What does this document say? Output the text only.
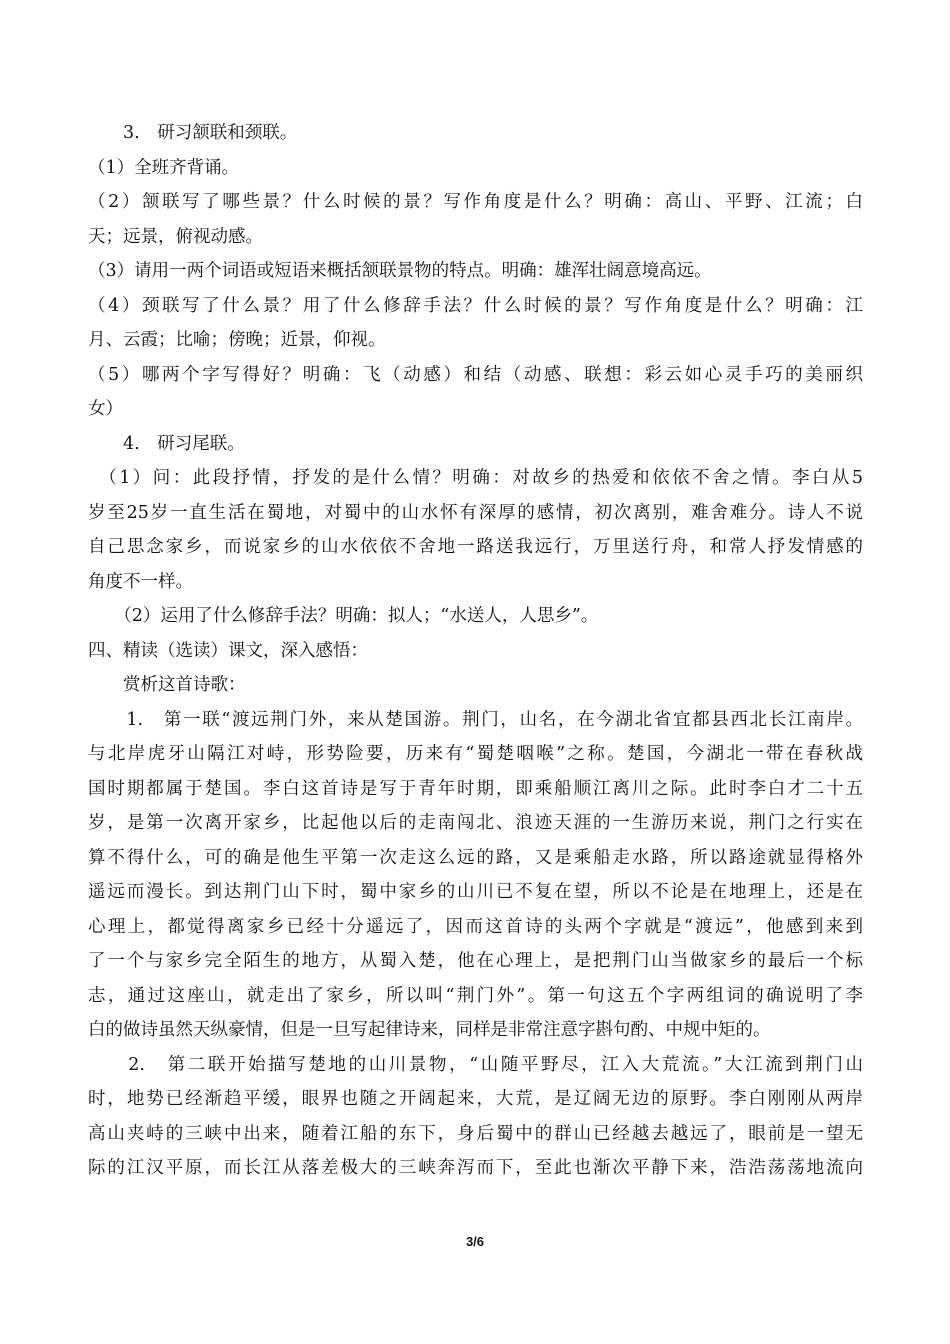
　　3.　研习颔联和颈联。
（1）全班齐背诵。
（2）颔联写了哪些景？什么时候的景？写作角度是什么？明确：高山、平野、江流；白
天；远景，俯视动感。
（3）请用一两个词语或短语来概括颔联景物的特点。明确：雄浑壮阔意境高远。
（4）颈联写了什么景？用了什么修辞手法？什么时候的景？写作角度是什么？明确：江
月、云霞；比喻；傍晚；近景，仰视。
（5）哪两个字写得好？明确：飞（动感）和结（动感、联想：彩云如心灵手巧的美丽织
女）
　　4.　研习尾联。
　（1）问：此段抒情，抒发的是什么情？明确：对故乡的热爱和依依不舍之情。李白从5
岁至25岁一直生活在蜀地，对蜀中的山水怀有深厚的感情，初次离别，难舍难分。诗人不说
自己思念家乡，而说家乡的山水依依不舍地一路送我远行，万里送行舟，和常人抒发情感的
角度不一样。
　　（2）运用了什么修辞手法？明确：拟人；“水送人，人思乡”。
四、精读（选读）课文，深入感悟：
　　赏析这首诗歌：
　　1.　第一联“渡远荆门外，来从楚国游。荆门，山名，在今湖北省宜都县西北长江南岸。
与北岸虎牙山隔江对峙，形势险要，历来有“蜀楚咽喉”之称。楚国，今湖北一带在春秋战
国时期都属于楚国。李白这首诗是写于青年时期，即乘船顺江离川之际。此时李白才二十五
岁，是第一次离开家乡，比起他以后的走南闯北、浪迹天涯的一生游历来说，荆门之行实在
算不得什么，可的确是他生平第一次走这么远的路，又是乘船走水路，所以路途就显得格外
遥远而漫长。到达荆门山下时，蜀中家乡的山川已不复在望，所以不论是在地理上，还是在
心理上，都觉得离家乡已经十分遥远了，因而这首诗的头两个字就是“渡远”，他感到来到
了一个与家乡完全陌生的地方，从蜀入楚，他在心理上，是把荆门山当做家乡的最后一个标
志，通过这座山，就走出了家乡，所以叫“荆门外”。第一句这五个字两组词的确说明了李
白的做诗虽然天纵豪情，但是一旦写起律诗来，同样是非常注意字斟句酌、中规中矩的。
　　2.　第二联开始描写楚地的山川景物，“山随平野尽，江入大荒流。”大江流到荆门山
时，地势已经渐趋平缓，眼界也随之开阔起来，大荒，是辽阔无边的原野。李白刚刚从两岸
高山夹峙的三峡中出来，随着江船的东下，身后蜀中的群山已经越去越远了，眼前是一望无
际的江汉平原，而长江从落差极大的三峡奔泻而下，至此也渐次平静下来，浩浩荡荡地流向
3/6
